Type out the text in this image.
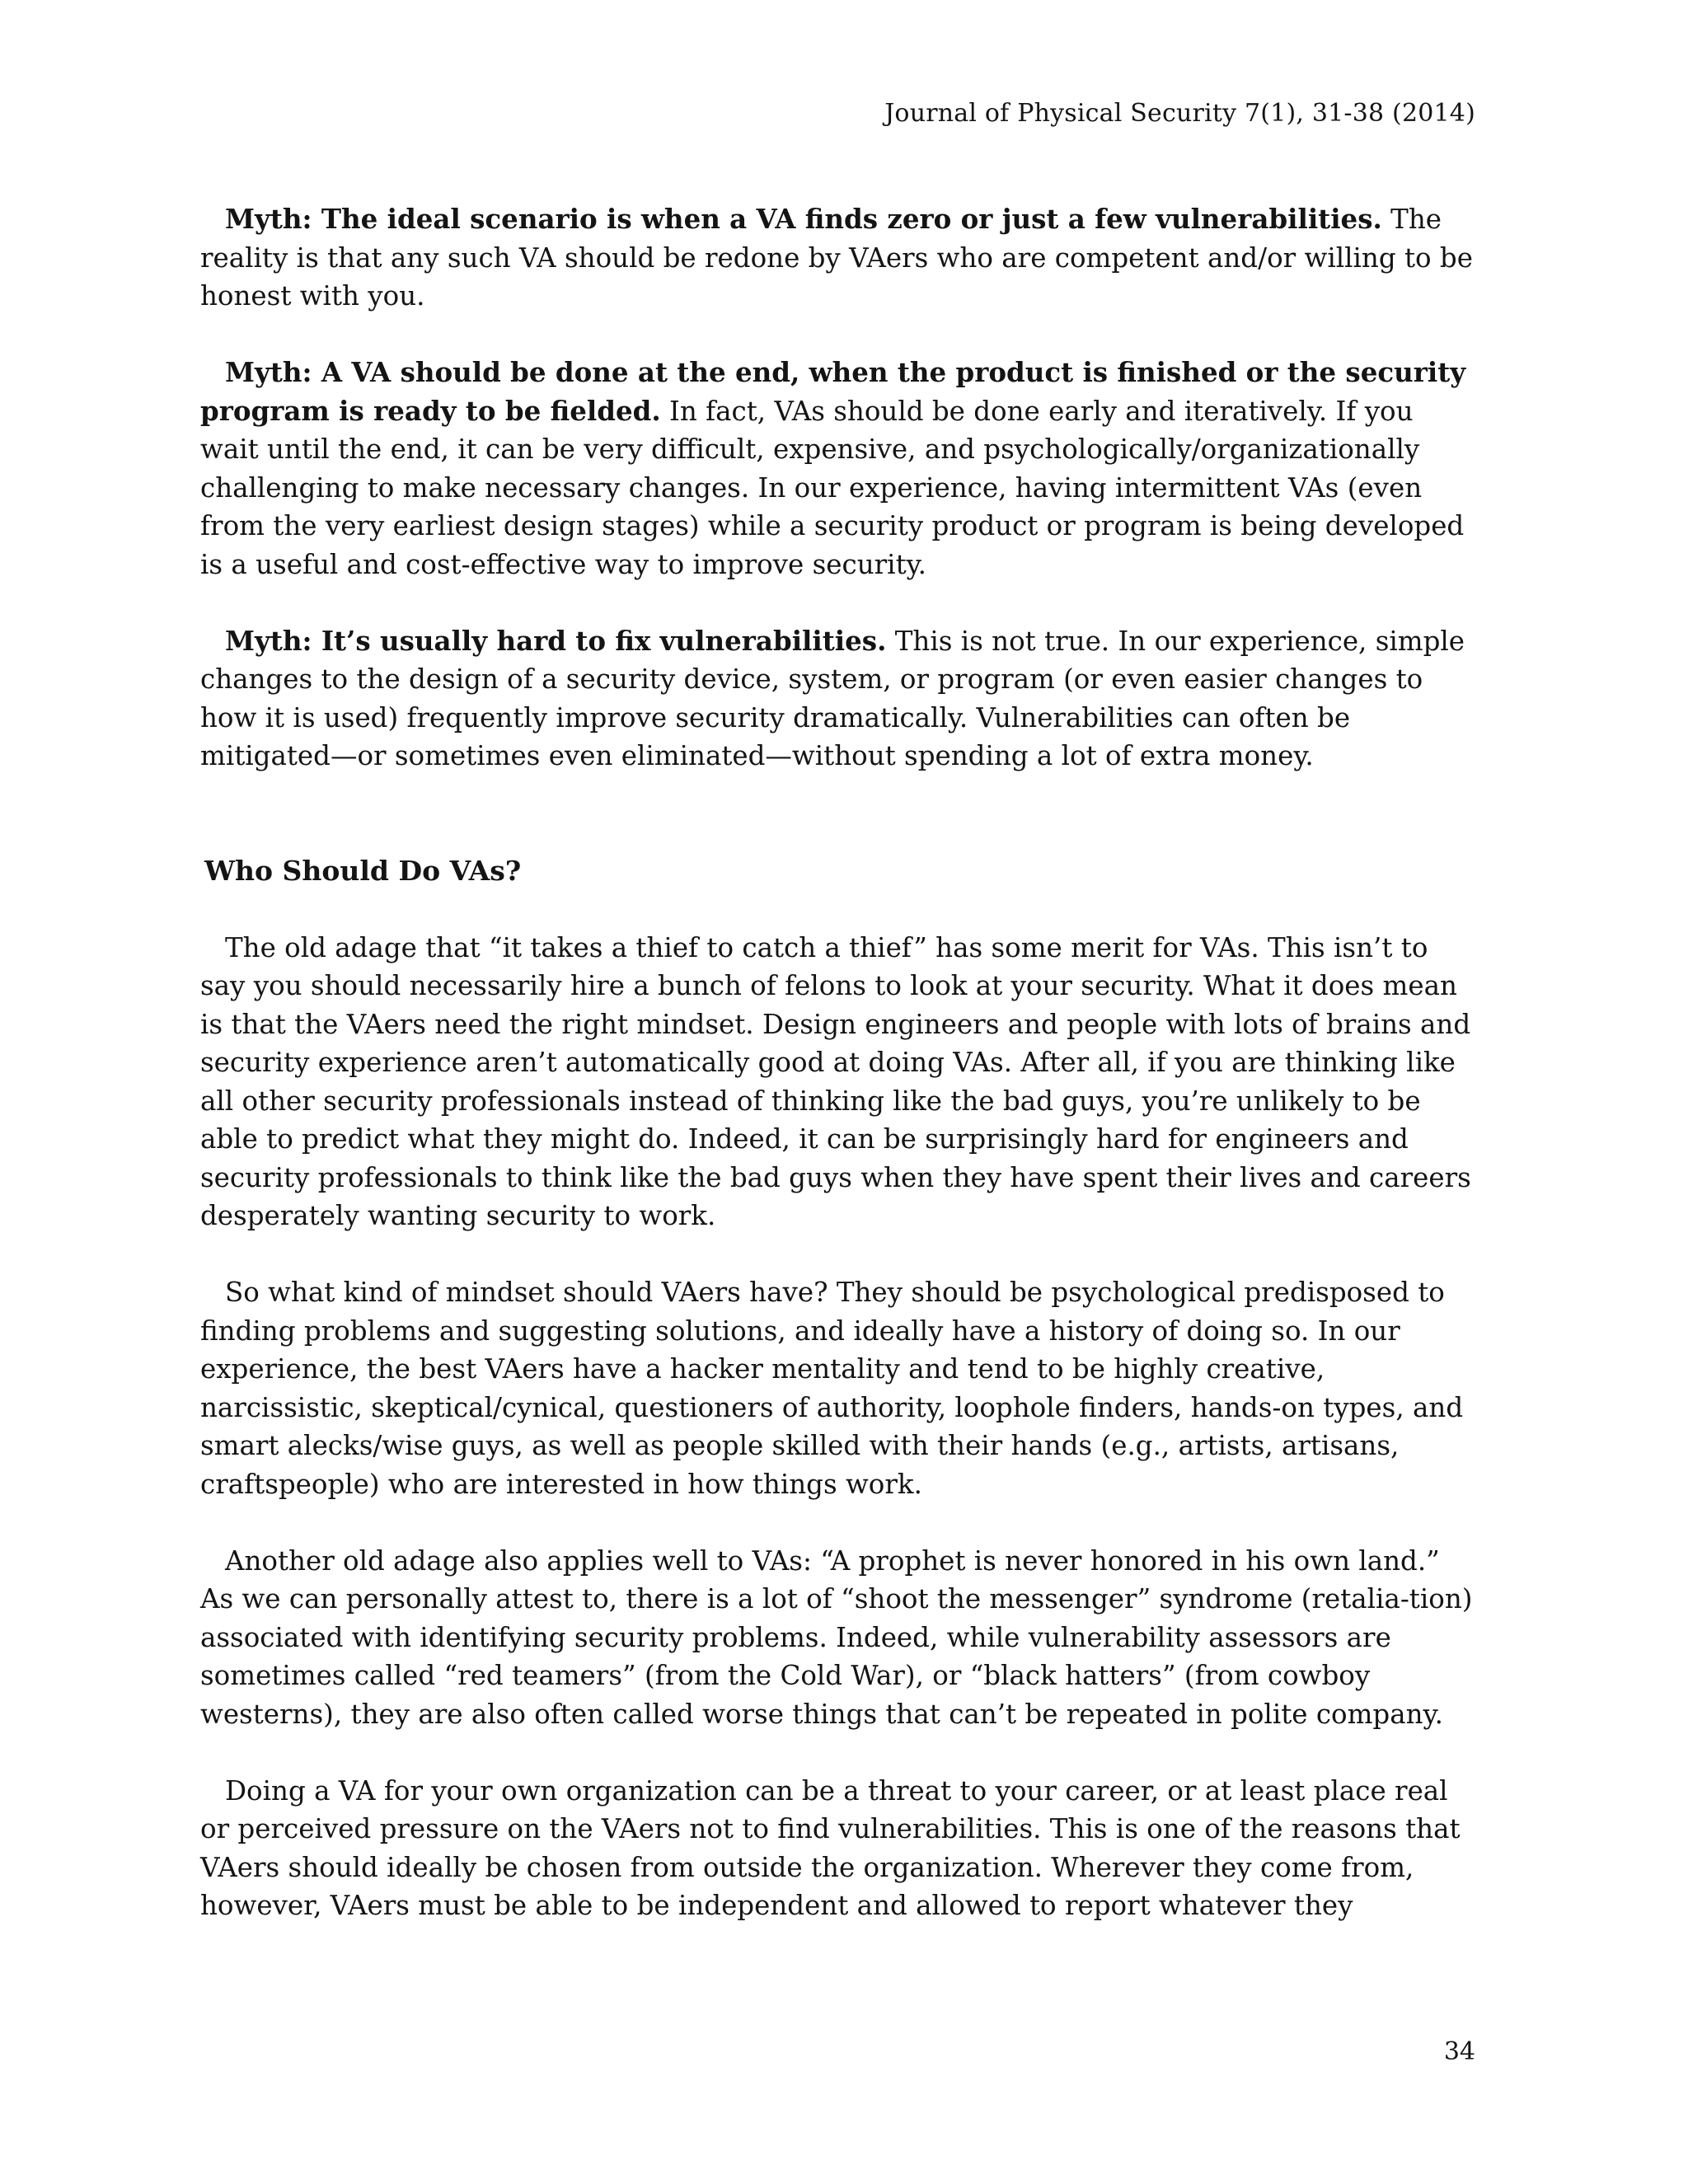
Journal of Physical Security 7(1), 31-38 (2014)

Myth: The ideal scenario is when a VA finds zero or just a few vulnerabilities. The reality is that any such VA should be redone by VAers who are competent and/or willing to be honest with you.

Myth: A VA should be done at the end, when the product is finished or the security program is ready to be fielded. In fact, VAs should be done early and iteratively. If you wait until the end, it can be very difficult, expensive, and psychologically/organizationally challenging to make necessary changes. In our experience, having intermittent VAs (even from the very earliest design stages) while a security product or program is being developed is a useful and cost-effective way to improve security.

Myth: It’s usually hard to fix vulnerabilities. This is not true. In our experience, simple changes to the design of a security device, system, or program (or even easier changes to how it is used) frequently improve security dramatically. Vulnerabilities can often be mitigated—or sometimes even eliminated—without spending a lot of extra money.

Who Should Do VAs?

The old adage that “it takes a thief to catch a thief” has some merit for VAs. This isn’t to say you should necessarily hire a bunch of felons to look at your security. What it does mean is that the VAers need the right mindset. Design engineers and people with lots of brains and security experience aren’t automatically good at doing VAs. After all, if you are thinking like all other security professionals instead of thinking like the bad guys, you’re unlikely to be able to predict what they might do. Indeed, it can be surprisingly hard for engineers and security professionals to think like the bad guys when they have spent their lives and careers desperately wanting security to work.

So what kind of mindset should VAers have? They should be psychological predisposed to finding problems and suggesting solutions, and ideally have a history of doing so. In our experience, the best VAers have a hacker mentality and tend to be highly creative, narcissistic, skeptical/cynical, questioners of authority, loophole finders, hands-on types, and smart alecks/wise guys, as well as people skilled with their hands (e.g., artists, artisans, craftspeople) who are interested in how things work.

Another old adage also applies well to VAs: “A prophet is never honored in his own land.” As we can personally attest to, there is a lot of “shoot the messenger” syndrome (retalia-tion) associated with identifying security problems. Indeed, while vulnerability assessors are sometimes called “red teamers” (from the Cold War), or “black hatters” (from cowboy westerns), they are also often called worse things that can’t be repeated in polite company.

Doing a VA for your own organization can be a threat to your career, or at least place real or perceived pressure on the VAers not to find vulnerabilities. This is one of the reasons that VAers should ideally be chosen from outside the organization. Wherever they come from, however, VAers must be able to be independent and allowed to report whatever they

34
